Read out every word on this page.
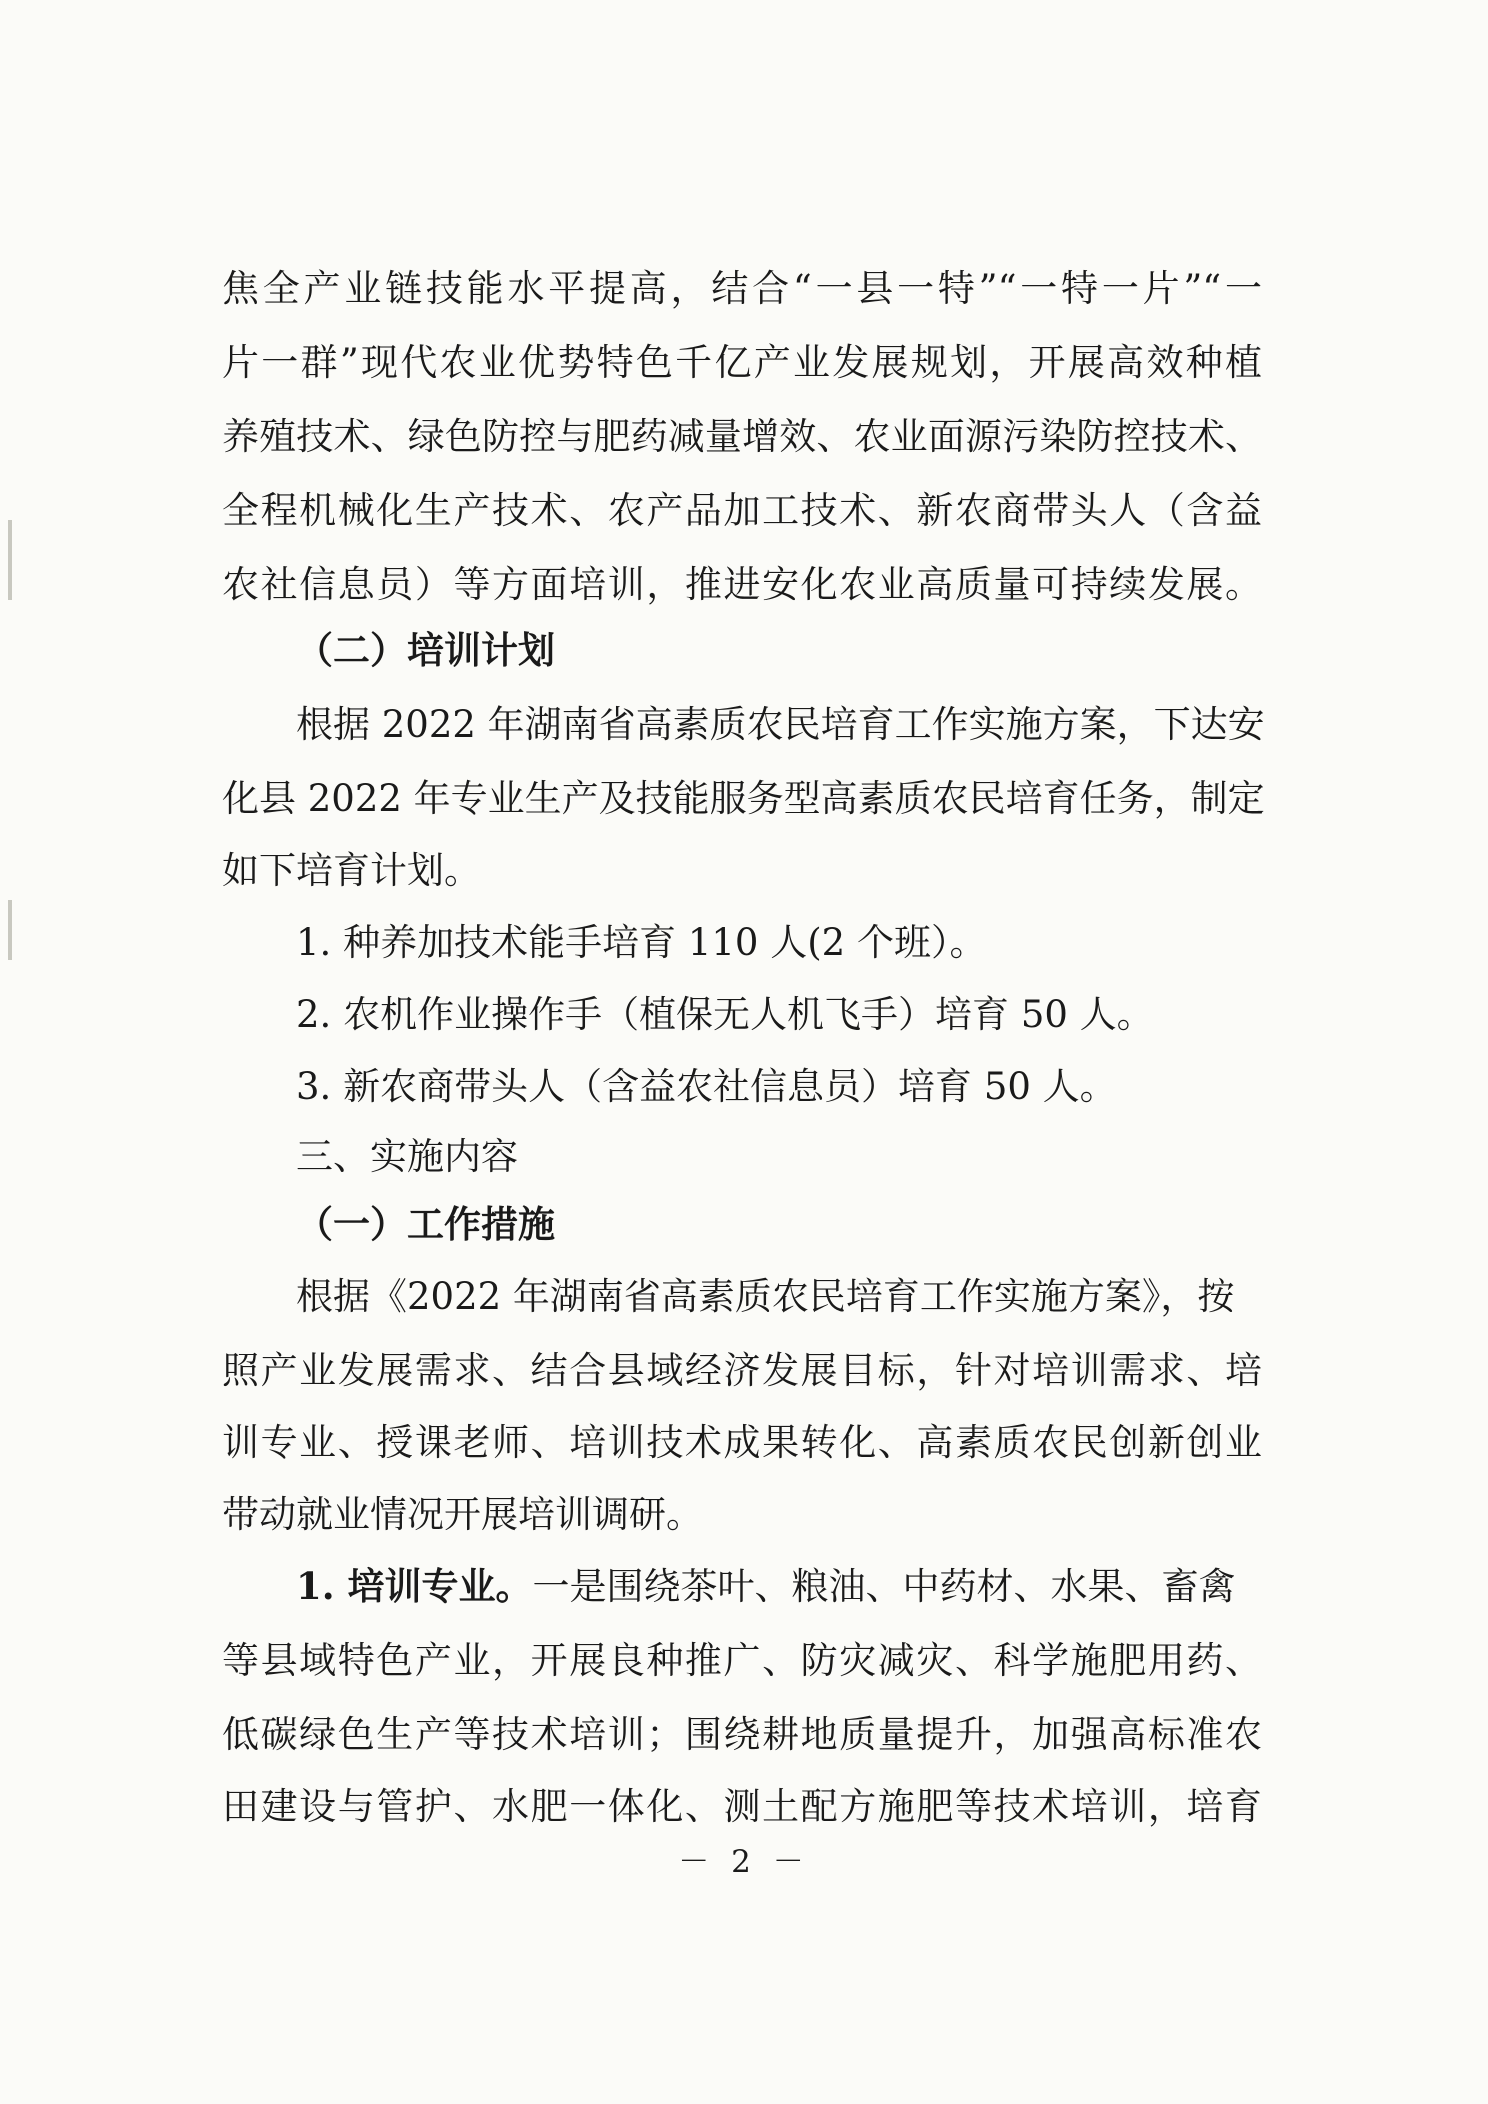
焦全产业链技能水平提高，结合“一县一特”“一特一片”“一
片一群”现代农业优势特色千亿产业发展规划，开展高效种植
养殖技术、绿色防控与肥药减量增效、农业面源污染防控技术、
全程机械化生产技术、农产品加工技术、新农商带头人（含益
农社信息员）等方面培训，推进安化农业高质量可持续发展。
（二）培训计划
根据 2022 年湖南省高素质农民培育工作实施方案，下达安
化县 2022 年专业生产及技能服务型高素质农民培育任务，制定
如下培育计划。
1. 种养加技术能手培育 110 人(2 个班）。
2. 农机作业操作手（植保无人机飞手）培育 50 人。
3. 新农商带头人（含益农社信息员）培育 50 人。
三、实施内容
（一）工作措施
根据《2022 年湖南省高素质农民培育工作实施方案》，按
照产业发展需求、结合县域经济发展目标，针对培训需求、培
训专业、授课老师、培训技术成果转化、高素质农民创新创业
带动就业情况开展培训调研。
1. 培训专业。一是围绕茶叶、粮油、中药材、水果、畜禽
等县域特色产业，开展良种推广、防灾减灾、科学施肥用药、
低碳绿色生产等技术培训；围绕耕地质量提升，加强高标准农
田建设与管护、水肥一体化、测土配方施肥等技术培训，培育
－ 2 －
